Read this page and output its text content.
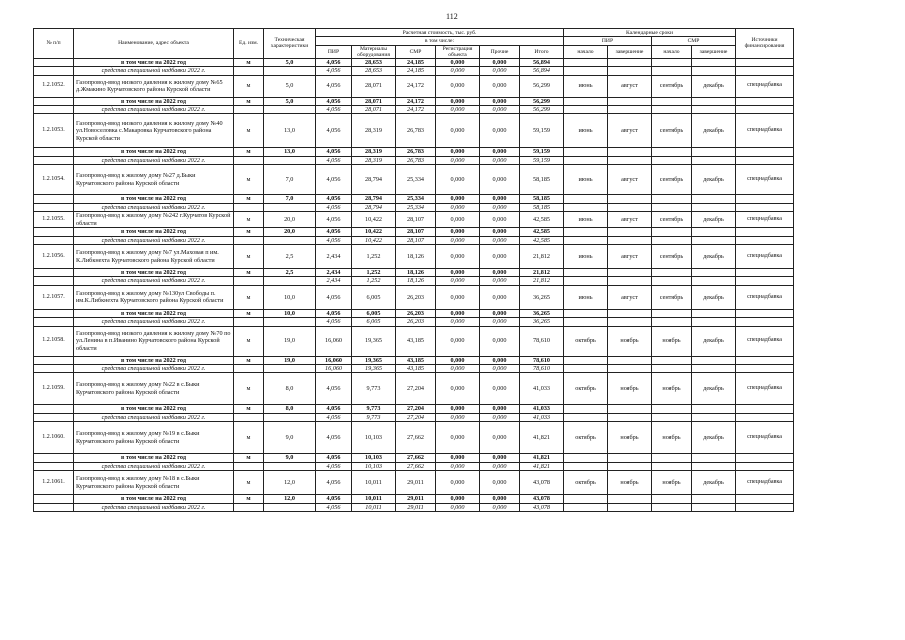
112
№ п/п	Наименование, адрес объекта	Ед. изм.	Техническая характеристики	Расчетная стоимость, тыс. руб.						Календарные сроки				Источники финансирования
				в том числе:						ПИР		СМР		
				ПИР	Материалы оборудования	СМР	Регистрация объекта	Прочие	Итого	начало	завершение	начало	завершение	
	в том числе на 2022 год	м	5,0	4,056	28,653	24,185	0,000	0,000	56,894					
	средства специальной надбавки 2022 г.			4,056	28,653	24,185	0,000	0,000	56,894					
1.2.1052.	Газопровод-ввод низкого давления к жилому дому №65 д.Жмакино Курчатовского района Курской области	м	5,0	4,056	28,071	24,172	0,000	0,000	56,299	июнь	август	сентябрь	декабрь	спецнадбавка
	в том числе на 2022 год	м	5,0	4,056	28,071	24,172	0,000	0,000	56,299					
	средства специальной надбавки 2022 г.			4,056	28,071	24,172	0,000	0,000	56,299					
1.2.1053.	Газопровод-ввод низкого давления к жилому дому №40 ул.Новоселовка с.Макаровка Курчатовского района Курской области	м	13,0	4,056	28,319	26,783	0,000	0,000	59,159	июнь	август	сентябрь	декабрь	спецнадбавка
	в том числе на 2022 год	м	13,0	4,056	28,319	26,783	0,000	0,000	59,159					
	средства специальной надбавки 2022 г.			4,056	28,319	26,783	0,000	0,000	59,159					
1.2.1054.	Газопровод-ввод к жилому дому №27 д.Быки Курчатовского района Курской области	м	7,0	4,056	28,794	25,334	0,000	0,000	58,185	июнь	август	сентябрь	декабрь	спецнадбавка
	в том числе на 2022 год	м	7,0	4,056	28,794	25,334	0,000	0,000	58,185					
	средства специальной надбавки 2022 г.			4,056	28,794	25,334	0,000	0,000	58,185					
1.2.1055.	Газопровод-ввод к жилому дому №242 г.Курчатов Курской области	м	20,0	4,056	10,422	28,107	0,000	0,000	42,585	июнь	август	сентябрь	декабрь	спецнадбавка
	в том числе на 2022 год	м	20,0	4,056	10,422	28,107	0,000	0,000	42,585					
	средства специальной надбавки 2022 г.			4,056	10,422	28,107	0,000	0,000	42,585					
1.2.1056.	Газопровод-ввод к жилому дому №7 ул.Маховая п им. К.Либкнехта Курчатовского района Курской области	м	2,5	2,434	1,252	18,126	0,000	0,000	21,812	июнь	август	сентябрь	декабрь	спецнадбавка
	в том числе на 2022 год	м	2,5	2,434	1,252	18,126	0,000	0,000	21,812					
	средства специальной надбавки 2022 г.			2,434	1,252	18,126	0,000	0,000	21,812					
1.2.1057.	Газопровод-ввод к жилому дому №130ул Свободы п. им.К.Либкнехта Курчатовского района Курской области	м	10,0	4,056	6,005	26,203	0,000	0,000	36,265	июнь	август	сентябрь	декабрь	спецнадбавка
	в том числе на 2022 год	м	10,0	4,056	6,005	26,203	0,000	0,000	36,265					
	средства специальной надбавки 2022 г.			4,056	6,005	26,203	0,000	0,000	36,265					
1.2.1058.	Газопровод-ввод низкого давления к жилому дому №70 по ул.Ленина в п.Иванино Курчатовского района Курской области	м	19,0	16,060	19,365	43,185	0,000	0,000	78,610	октябрь	ноябрь	ноябрь	декабрь	спецнадбавка
	в том числе на 2022 год	м	19,0	16,060	19,365	43,185	0,000	0,000	78,610					
	средства специальной надбавки 2022 г.			16,060	19,365	43,185	0,000	0,000	78,610					
1.2.1059.	Газопровод-ввод к жилому дому №22 в с.Быки Курчатовского района Курской области	м	8,0	4,056	9,773	27,204	0,000	0,000	41,033	октябрь	ноябрь	ноябрь	декабрь	спецнадбавка
	в том числе на 2022 год	м	8,0	4,056	9,773	27,204	0,000	0,000	41,033					
	средства специальной надбавки 2022 г.			4,056	9,773	27,204	0,000	0,000	41,033					
1.2.1060.	Газопровод-ввод к жилому дому №19 в с.Быки Курчатовского района Курской области	м	9,0	4,056	10,103	27,662	0,000	0,000	41,821	октябрь	ноябрь	ноябрь	декабрь	спецнадбавка
	в том числе на 2022 год	м	9,0	4,056	10,103	27,662	0,000	0,000	41,821					
	средства специальной надбавки 2022 г.			4,056	10,103	27,662	0,000	0,000	41,821					
1.2.1061.	Газопровод-ввод к жилому дому №18 в с.Быки Курчатовского района Курской области	м	12,0	4,056	10,011	29,011	0,000	0,000	43,078	октябрь	ноябрь	ноябрь	декабрь	спецнадбавка
	в том числе на 2022 год	м	12,0	4,056	10,011	29,011	0,000	0,000	43,078					
	средства специальной надбавки 2022 г.			4,056	10,011	29,011	0,000	0,000	43,078					
